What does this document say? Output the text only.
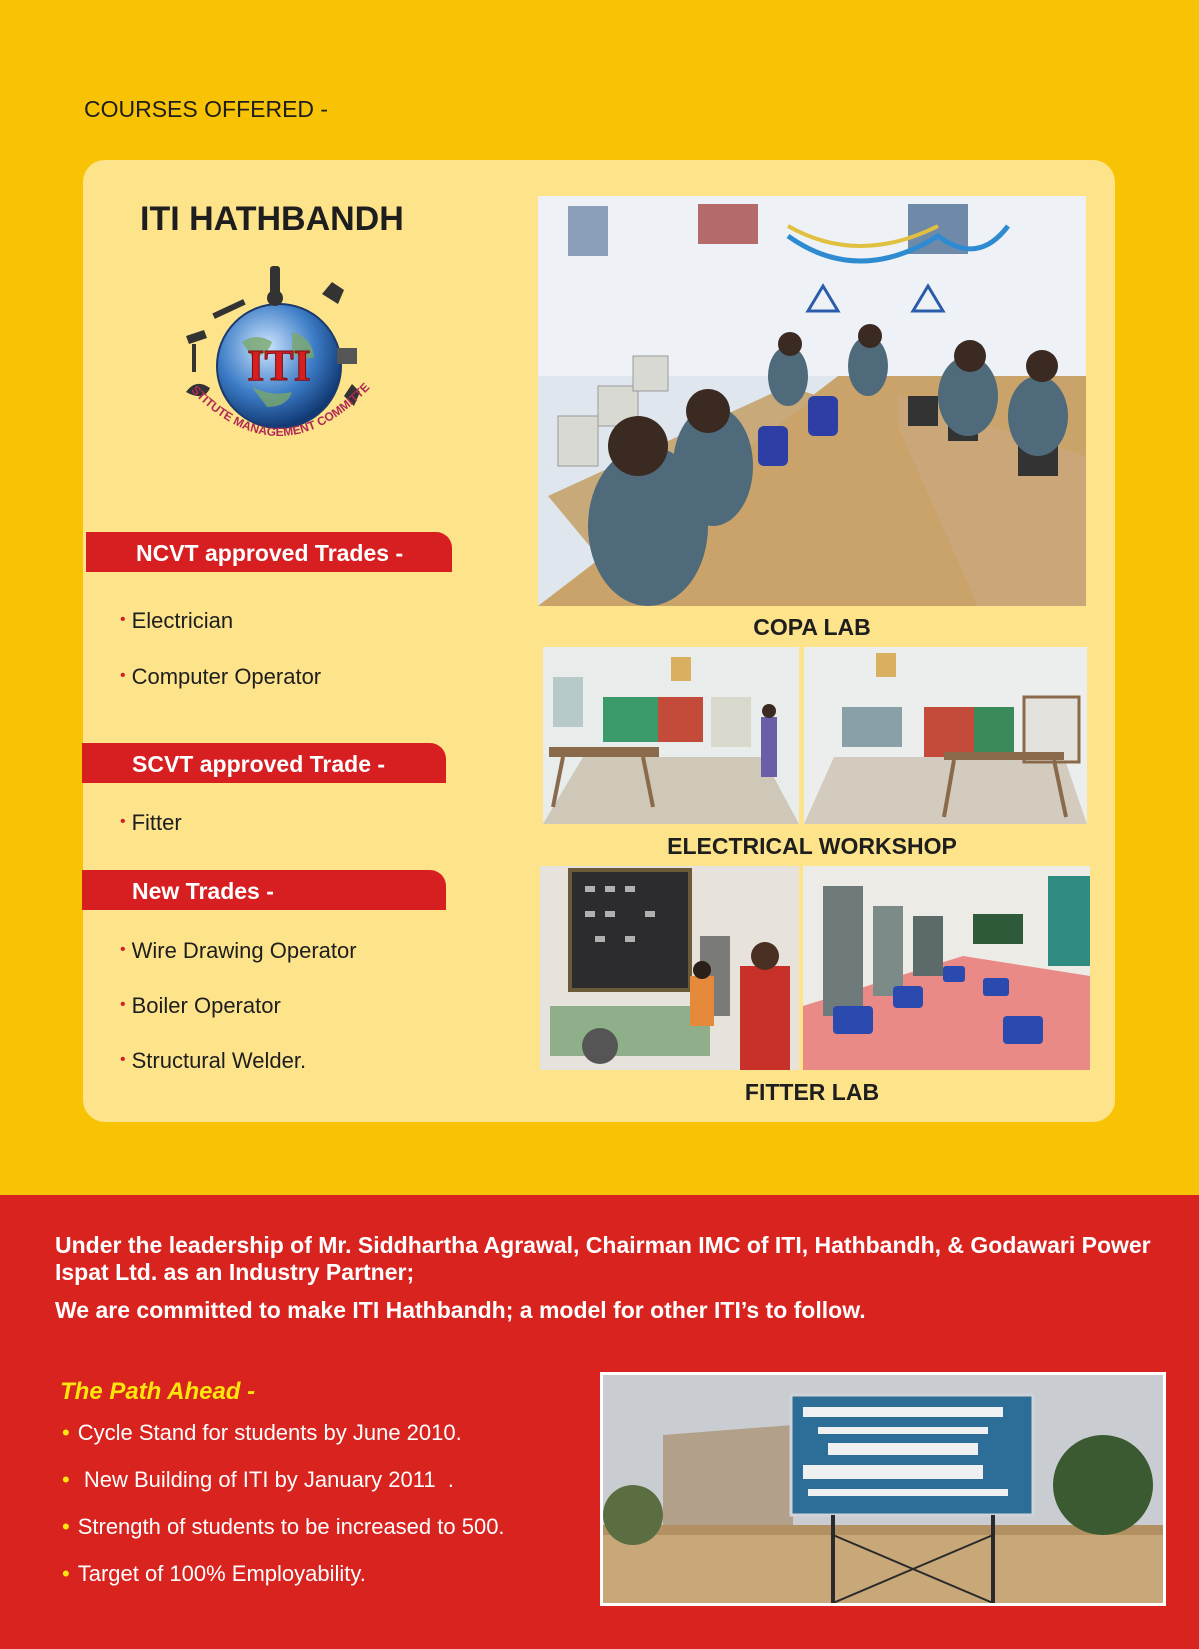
COURSES OFFERED -
ITI HATHBANDH
ITI
STITUTE MANAGEMENT COMMITTE
NCVT approved Trades -
• Electrician
• Computer Operator
SCVT approved Trade -
• Fitter
New Trades -
• Wire Drawing Operator
• Boiler Operator
• Structural Welder.
COPA LAB
ELECTRICAL WORKSHOP
FITTER LAB
Under the leadership of Mr. Siddhartha Agrawal, Chairman IMC of ITI, Hathbandh, & Godawari Power Ispat Ltd. as an Industry Partner;
We are committed to make ITI Hathbandh; a model for other ITI’s to follow.
The Path Ahead -
• Cycle Stand for students by June 2010.
• New Building of ITI by January 2011  .
• Strength of students to be increased to 500.
• Target of 100% Employability.
